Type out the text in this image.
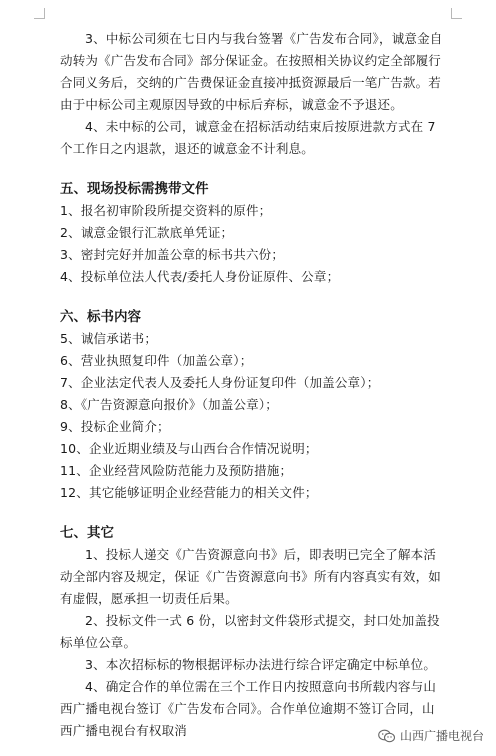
3、中标公司须在七日内与我台签署《广告发布合同》，诚意金自动转为《广告发布合同》部分保证金。在按照相关协议约定全部履行合同义务后，交纳的广告费保证金直接冲抵资源最后一笔广告款。若由于中标公司主观原因导致的中标后弃标，诚意金不予退还。

4、未中标的公司，诚意金在招标活动结束后按原进款方式在 7 个工作日之内退款，退还的诚意金不计利息。

五、现场投标需携带文件

1、报名初审阶段所提交资料的原件；

2、诚意金银行汇款底单凭证；

3、密封完好并加盖公章的标书共六份；

4、投标单位法人代表/委托人身份证原件、公章；

六、标书内容

5、诚信承诺书；

6、营业执照复印件（加盖公章）；

7、企业法定代表人及委托人身份证复印件（加盖公章）；

8、《广告资源意向报价》（加盖公章）；

9、投标企业简介；

10、企业近期业绩及与山西台合作情况说明；

11、企业经营风险防范能力及预防措施；

12、其它能够证明企业经营能力的相关文件；

七、其它

1、投标人递交《广告资源意向书》后，即表明已完全了解本活动全部内容及规定，保证《广告资源意向书》所有内容真实有效，如有虚假，愿承担一切责任后果。

2、投标文件一式 6 份，以密封文件袋形式提交，封口处加盖投标单位公章。

3、本次招标标的物根据评标办法进行综合评定确定中标单位。

4、确定合作的单位需在三个工作日内按照意向书所载内容与山西广播电视台签订《广告发布合同》。合作单位逾期不签订合同，山西广播电视台有权取消	山西广播电视台
